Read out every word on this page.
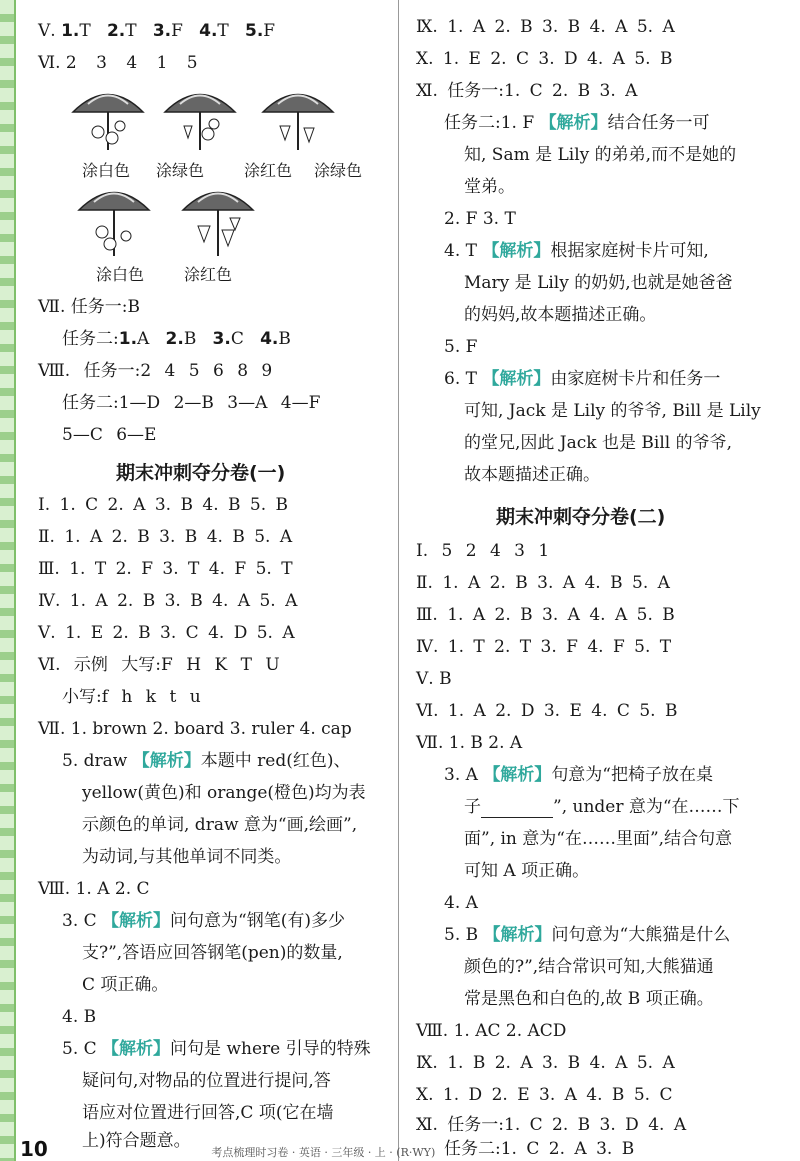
Ⅴ. 1.T 2.T 3.F 4.T 5.F
Ⅵ. 2 3 4 1 5
涂白色 涂绿色 涂红色 涂绿色
涂白色 涂红色
Ⅶ. 任务一:B
任务二:1.A 2.B 3.C 4.B
Ⅷ. 任务一:2 4 5 6 8 9
任务二:1—D 2—B 3—A 4—F
5—C 6—E
期末冲刺夺分卷(一)
Ⅰ. 1. C 2. A 3. B 4. B 5. B
Ⅱ. 1. A 2. B 3. B 4. B 5. A
Ⅲ. 1. T 2. F 3. T 4. F 5. T
Ⅳ. 1. A 2. B 3. B 4. A 5. A
Ⅴ. 1. E 2. B 3. C 4. D 5. A
Ⅵ. 示例 大写:F H K T U
小写:f h k t u
Ⅶ. 1. brown 2. board 3. ruler 4. cap
5. draw 【解析】本题中 red(红色)、
yellow(黄色)和 orange(橙色)均为表
示颜色的单词, draw 意为“画,绘画”,
为动词,与其他单词不同类。
Ⅷ. 1. A 2. C
3. C 【解析】问句意为“钢笔(有)多少
支?”,答语应回答钢笔(pen)的数量,
C 项正确。
4. B
5. C 【解析】问句是 where 引导的特殊
疑问句,对物品的位置进行提问,答
语应对位置进行回答,C 项(它在墙
上)符合题意。
Ⅸ. 1. A 2. B 3. B 4. A 5. A
Ⅹ. 1. E 2. C 3. D 4. A 5. B
Ⅺ. 任务一:1. C 2. B 3. A
任务二:1. F 【解析】结合任务一可
知, Sam 是 Lily 的弟弟,而不是她的
堂弟。
2. F 3. T
4. T 【解析】根据家庭树卡片可知,
Mary 是 Lily 的奶奶,也就是她爸爸
的妈妈,故本题描述正确。
5. F
6. T 【解析】由家庭树卡片和任务一
可知, Jack 是 Lily 的爷爷, Bill 是 Lily
的堂兄,因此 Jack 也是 Bill 的爷爷,
故本题描述正确。
期末冲刺夺分卷(二)
Ⅰ. 5 2 4 3 1
Ⅱ. 1. A 2. B 3. A 4. B 5. A
Ⅲ. 1. A 2. B 3. A 4. A 5. B
Ⅳ. 1. T 2. T 3. F 4. F 5. T
Ⅴ. B
Ⅵ. 1. A 2. D 3. E 4. C 5. B
Ⅶ. 1. B 2. A
3. A 【解析】句意为“把椅子放在桌
子	”, under 意为“在……下
面”, in 意为“在……里面”,结合句意
可知 A 项正确。
4. A
5. B 【解析】问句意为“大熊猫是什么
颜色的?”,结合常识可知,大熊猫通
常是黑色和白色的,故 B 项正确。
Ⅷ. 1. AC 2. ACD
Ⅸ. 1. B 2. A 3. B 4. A 5. A
Ⅹ. 1. D 2. E 3. A 4. B 5. C
Ⅺ. 任务一:1. C 2. B 3. D 4. A
任务二:1. C 2. A 3. B
10	考点梳理时习卷 · 英语 · 三年级 · 上 · (R·WY)
